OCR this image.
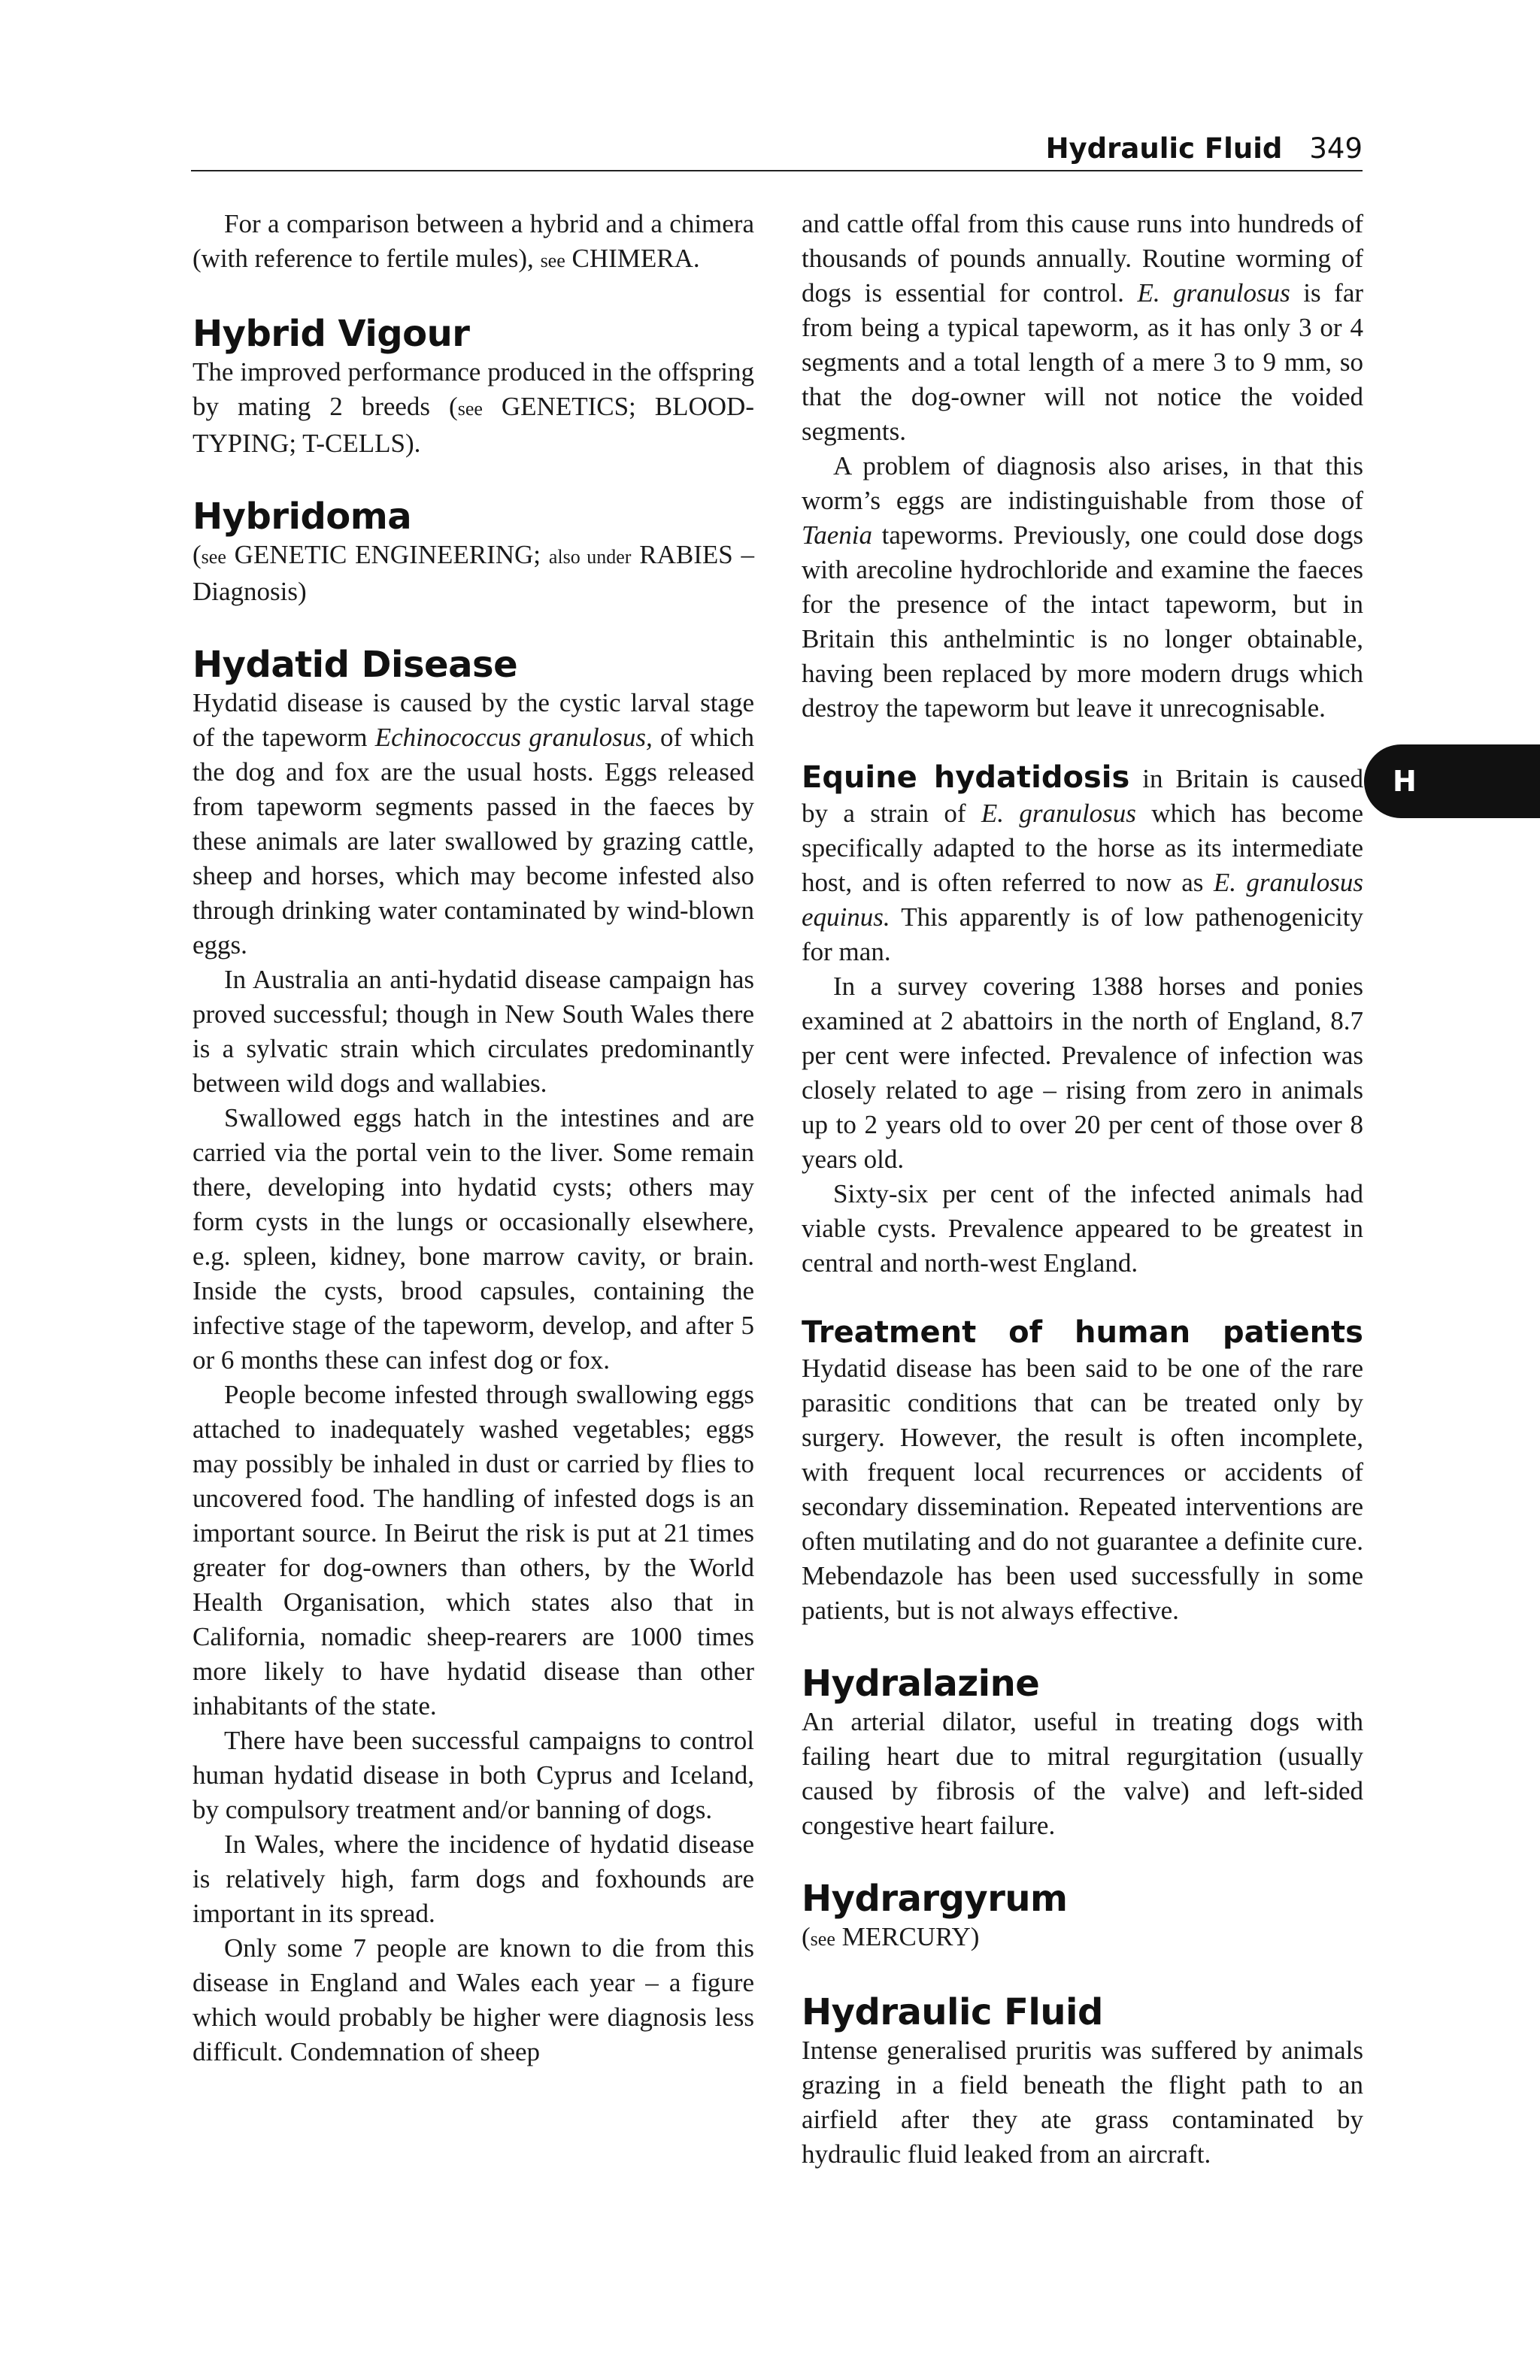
Hydraulic Fluid 349
H

For a comparison between a hybrid and a chimera (with reference to fertile mules), see CHIMERA.

Hybrid Vigour

The improved performance produced in the offspring by mating 2 breeds (see GENETICS; BLOOD-TYPING; T-CELLS).

Hybridoma

(see GENETIC ENGINEERING; also under RABIES – Diagnosis)

Hydatid Disease

Hydatid disease is caused by the cystic larval stage of the tapeworm Echinococcus granulosus, of which the dog and fox are the usual hosts. Eggs released from tapeworm segments passed in the faeces by these animals are later swallowed by grazing cattle, sheep and horses, which may become infested also through drinking water contaminated by wind-blown eggs.

In Australia an anti-hydatid disease campaign has proved successful; though in New South Wales there is a sylvatic strain which circulates predominantly between wild dogs and wallabies.

Swallowed eggs hatch in the intestines and are carried via the portal vein to the liver. Some remain there, developing into hydatid cysts; others may form cysts in the lungs or occasionally elsewhere, e.g. spleen, kidney, bone marrow cavity, or brain. Inside the cysts, brood capsules, containing the infective stage of the tapeworm, develop, and after 5 or 6 months these can infest dog or fox.

People become infested through swallowing eggs attached to inadequately washed vegetables; eggs may possibly be inhaled in dust or carried by flies to uncovered food. The handling of infested dogs is an important source. In Beirut the risk is put at 21 times greater for dog-owners than others, by the World Health Organisation, which states also that in California, nomadic sheep-rearers are 1000 times more likely to have hydatid disease than other inhabitants of the state.

There have been successful campaigns to control human hydatid disease in both Cyprus and Iceland, by compulsory treatment and/or banning of dogs.

In Wales, where the incidence of hydatid disease is relatively high, farm dogs and foxhounds are important in its spread.

Only some 7 people are known to die from this disease in England and Wales each year – a figure which would probably be higher were diagnosis less difficult. Condemnation of sheep

and cattle offal from this cause runs into hundreds of thousands of pounds annually. Routine worming of dogs is essential for control. E. granulosus is far from being a typical tapeworm, as it has only 3 or 4 segments and a total length of a mere 3 to 9 mm, so that the dog-owner will not notice the voided segments.

A problem of diagnosis also arises, in that this worm’s eggs are indistinguishable from those of Taenia tapeworms. Previously, one could dose dogs with arecoline hydrochloride and examine the faeces for the presence of the intact tapeworm, but in Britain this anthelmintic is no longer obtainable, having been replaced by more modern drugs which destroy the tapeworm but leave it unrecognisable.

Equine hydatidosis in Britain is caused by a strain of E. granulosus which has become specifically adapted to the horse as its intermediate host, and is often referred to now as E. granulosus equinus. This apparently is of low pathenogenicity for man.

In a survey covering 1388 horses and ponies examined at 2 abattoirs in the north of England, 8.7 per cent were infected. Prevalence of infection was closely related to age – rising from zero in animals up to 2 years old to over 20 per cent of those over 8 years old.

Sixty-six per cent of the infected animals had viable cysts. Prevalence appeared to be greatest in central and north-west England.

Treatment of human patients Hydatid disease has been said to be one of the rare parasitic conditions that can be treated only by surgery. However, the result is often incomplete, with frequent local recurrences or accidents of secondary dissemination. Repeated interventions are often mutilating and do not guarantee a definite cure. Mebendazole has been used successfully in some patients, but is not always effective.

Hydralazine

An arterial dilator, useful in treating dogs with failing heart due to mitral regurgitation (usually caused by fibrosis of the valve) and left-sided congestive heart failure.

Hydrargyrum

(see MERCURY)

Hydraulic Fluid

Intense generalised pruritis was suffered by animals grazing in a field beneath the flight path to an airfield after they ate grass contaminated by hydraulic fluid leaked from an aircraft.
